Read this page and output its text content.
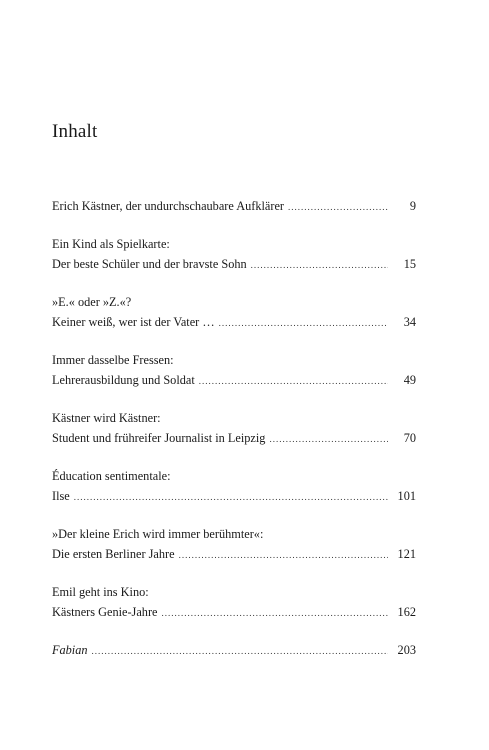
Inhalt
Erich Kästner, der undurchschaubare Aufklärer .....	9
Ein Kind als Spielkarte:
Der beste Schüler und der bravste Sohn .....	15
»E.« oder »Z.«?
Keiner weiß, wer ist der Vater … .....	34
Immer dasselbe Fressen:
Lehrerausbildung und Soldat .....	49
Kästner wird Kästner:
Student und frühreifer Journalist in Leipzig .....	70
Éducation sentimentale:
Ilse .....	101
»Der kleine Erich wird immer berühmter«:
Die ersten Berliner Jahre .....	121
Emil geht ins Kino:
Kästners Genie-Jahre .....	162
Fabian .....	203
